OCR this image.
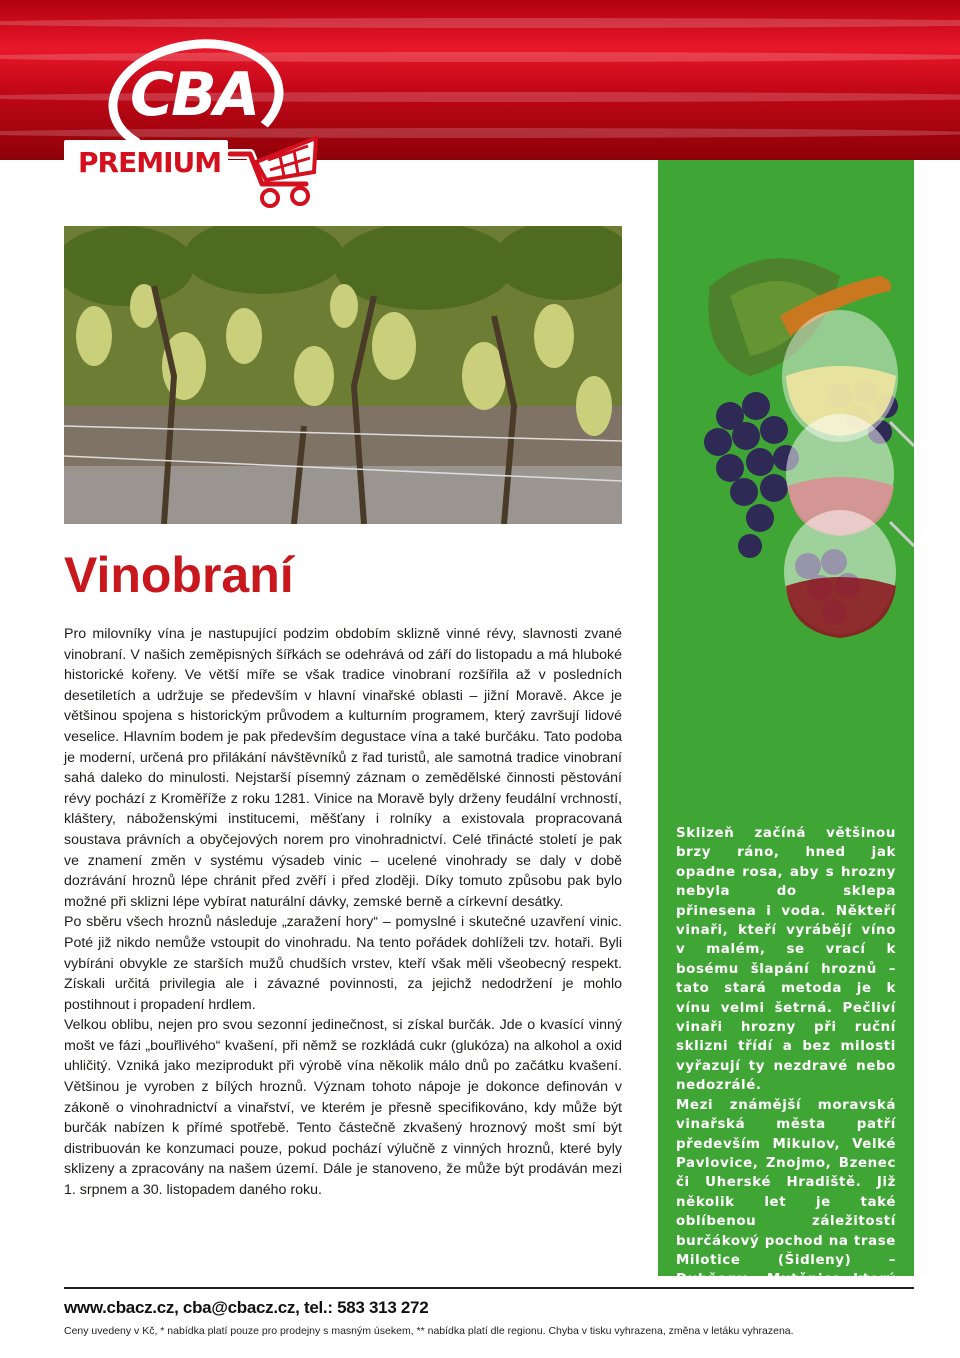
CBA
PREMIUM

Sklizeň začíná většinou brzy ráno, hned jak opadne rosa, aby s hrozny nebyla do sklepa přinesena i voda. Někteří vinaři, kteří vyrábějí víno v malém, se vrací k bosému šlapání hroznů – tato stará metoda je k vínu velmi šetrná. Pečliví vinaři hrozny při ruční sklizni třídí a bez milosti vyřazují ty nezdravé nebo nedozrálé.

Mezi známější moravská vinařská města patří především Mikulov, Velké Pavlovice, Znojmo, Bzenec či Uherské Hradiště. Již několik let je také oblíbenou záležitostí burčákový pochod na trase Milotice (Šidleny) – Dubňany – Mutěnice, který se koná vždy druhou říjnovou sobotu.

Vinobraní

Pro milovníky vína je nastupující podzim obdobím sklizně vinné révy, slavnosti zvané vinobraní. V našich zeměpisných šířkách se odehrává od září do listopadu a má hluboké historické kořeny. Ve větší míře se však tradice vinobraní rozšířila až v posledních desetiletích a udržuje se především v hlavní vinařské oblasti – jižní Moravě. Akce je většinou spojena s historickým průvodem a kulturním programem, který završují lidové veselice. Hlavním bodem je pak především degustace vína a také burčáku. Tato podoba je moderní, určená pro přilákání návštěvníků z řad turistů, ale samotná tradice vinobraní sahá daleko do minulosti. Nejstarší písemný záznam o zemědělské činnosti pěstování révy pochází z Kroměříže z roku 1281. Vinice na Moravě byly drženy feudální vrchností, kláštery, náboženskými institucemi, měšťany i rolníky a existovala propracovaná soustava právních a obyčejových norem pro vinohradnictví. Celé třinácté století je pak ve znamení změn v systému výsadeb vinic – ucelené vinohrady se daly v době dozrávání hroznů lépe chránit před zvěří i před zloději. Díky tomuto způsobu pak bylo možné při sklizni lépe vybírat naturální dávky, zemské berně a církevní desátky.

Po sběru všech hroznů následuje „zaražení hory“ – pomyslné i skutečné uzavření vinic. Poté již nikdo nemůže vstoupit do vinohradu. Na tento pořádek dohlíželi tzv. hotaři. Byli vybíráni obvykle ze starších mužů chudších vrstev, kteří však měli všeobecný respekt. Získali určitá privilegia ale i závazné povinnosti, za jejichž nedodržení je mohlo postihnout i propadení hrdlem.

Velkou oblibu, nejen pro svou sezonní jedinečnost, si získal burčák. Jde o kvasící vinný mošt ve fázi „bouřlivého“ kvašení, při němž se rozkládá cukr (glukóza) na alkohol a oxid uhličitý. Vzniká jako meziprodukt při výrobě vína několik málo dnů po začátku kvašení. Většinou je vyroben z bílých hroznů. Význam tohoto nápoje je dokonce definován v zákoně o vinohradnictví a vinařství, ve kterém je přesně specifikováno, kdy může být burčák nabízen k přímé spotřebě. Tento částečně zkvašený hroznový mošt smí být distribuován ke konzumaci pouze, pokud pochází výlučně z vinných hroznů, které byly sklizeny a zpracovány na našem území. Dále je stanoveno, že může být prodáván mezi 1. srpnem a 30. listopadem daného roku.

www.cbacz.cz, cba@cbacz.cz, tel.: 583 313 272
Ceny uvedeny v Kč, * nabídka platí pouze pro prodejny s masným úsekem, ** nabídka platí dle regionu. Chyba v tisku vyhrazena, změna v letáku vyhrazena.
